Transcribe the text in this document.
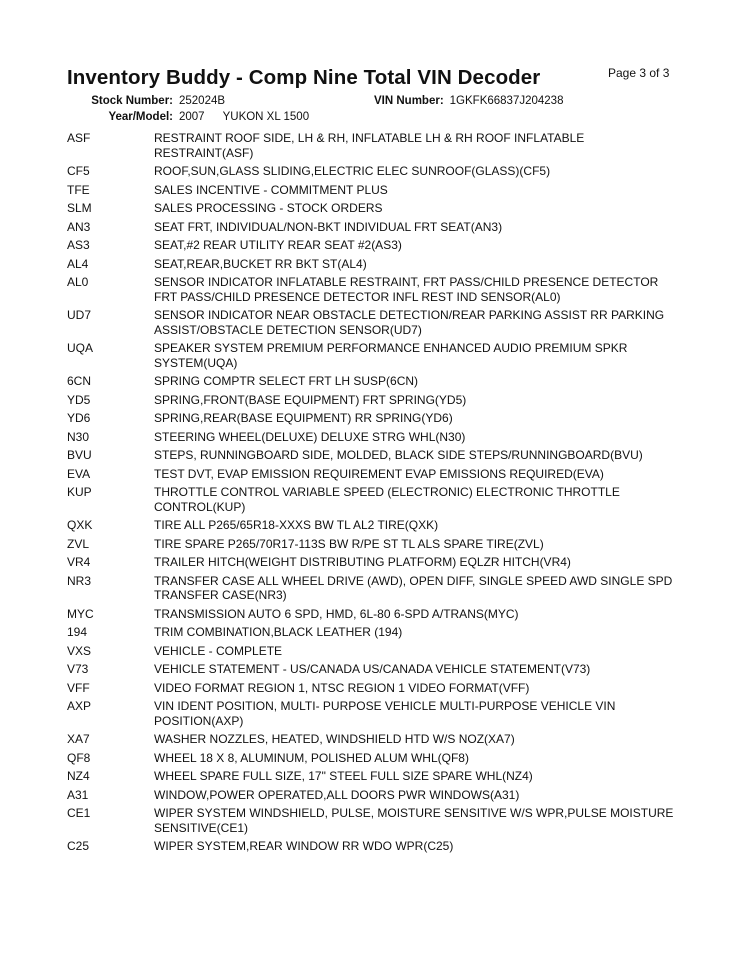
Inventory Buddy - Comp Nine Total VIN Decoder	Page 3 of 3
Stock Number: 252024B	VIN Number: 1GKFK66837J204238
Year/Model: 2007 YUKON XL 1500
ASF	RESTRAINT ROOF SIDE, LH & RH, INFLATABLE LH & RH ROOF INFLATABLE RESTRAINT(ASF)
CF5	ROOF,SUN,GLASS SLIDING,ELECTRIC ELEC SUNROOF(GLASS)(CF5)
TFE	SALES INCENTIVE - COMMITMENT PLUS
SLM	SALES PROCESSING - STOCK ORDERS
AN3	SEAT FRT, INDIVIDUAL/NON-BKT INDIVIDUAL FRT SEAT(AN3)
AS3	SEAT,#2 REAR UTILITY REAR SEAT #2(AS3)
AL4	SEAT,REAR,BUCKET RR BKT ST(AL4)
AL0	SENSOR INDICATOR INFLATABLE RESTRAINT, FRT PASS/CHILD PRESENCE DETECTOR FRT PASS/CHILD PRESENCE DETECTOR INFL REST IND SENSOR(AL0)
UD7	SENSOR INDICATOR NEAR OBSTACLE DETECTION/REAR PARKING ASSIST RR PARKING ASSIST/OBSTACLE DETECTION SENSOR(UD7)
UQA	SPEAKER SYSTEM PREMIUM PERFORMANCE ENHANCED AUDIO PREMIUM SPKR SYSTEM(UQA)
6CN	SPRING COMPTR SELECT FRT LH SUSP(6CN)
YD5	SPRING,FRONT(BASE EQUIPMENT) FRT SPRING(YD5)
YD6	SPRING,REAR(BASE EQUIPMENT) RR SPRING(YD6)
N30	STEERING WHEEL(DELUXE) DELUXE STRG WHL(N30)
BVU	STEPS, RUNNINGBOARD SIDE, MOLDED, BLACK SIDE STEPS/RUNNINGBOARD(BVU)
EVA	TEST DVT, EVAP EMISSION REQUIREMENT EVAP EMISSIONS REQUIRED(EVA)
KUP	THROTTLE CONTROL VARIABLE SPEED (ELECTRONIC) ELECTRONIC THROTTLE CONTROL(KUP)
QXK	TIRE ALL P265/65R18-XXXS BW TL AL2 TIRE(QXK)
ZVL	TIRE SPARE P265/70R17-113S BW R/PE ST TL ALS SPARE TIRE(ZVL)
VR4	TRAILER HITCH(WEIGHT DISTRIBUTING PLATFORM) EQLZR HITCH(VR4)
NR3	TRANSFER CASE ALL WHEEL DRIVE (AWD), OPEN DIFF, SINGLE SPEED AWD SINGLE SPD TRANSFER CASE(NR3)
MYC	TRANSMISSION AUTO 6 SPD, HMD, 6L-80 6-SPD A/TRANS(MYC)
194	TRIM COMBINATION,BLACK LEATHER (194)
VXS	VEHICLE - COMPLETE
V73	VEHICLE STATEMENT - US/CANADA US/CANADA VEHICLE STATEMENT(V73)
VFF	VIDEO FORMAT REGION 1, NTSC REGION 1 VIDEO FORMAT(VFF)
AXP	VIN IDENT POSITION, MULTI- PURPOSE VEHICLE MULTI-PURPOSE VEHICLE VIN POSITION(AXP)
XA7	WASHER NOZZLES, HEATED, WINDSHIELD HTD W/S NOZ(XA7)
QF8	WHEEL 18 X 8, ALUMINUM, POLISHED ALUM WHL(QF8)
NZ4	WHEEL SPARE FULL SIZE, 17" STEEL FULL SIZE SPARE WHL(NZ4)
A31	WINDOW,POWER OPERATED,ALL DOORS PWR WINDOWS(A31)
CE1	WIPER SYSTEM WINDSHIELD, PULSE, MOISTURE SENSITIVE W/S WPR,PULSE MOISTURE SENSITIVE(CE1)
C25	WIPER SYSTEM,REAR WINDOW RR WDO WPR(C25)
